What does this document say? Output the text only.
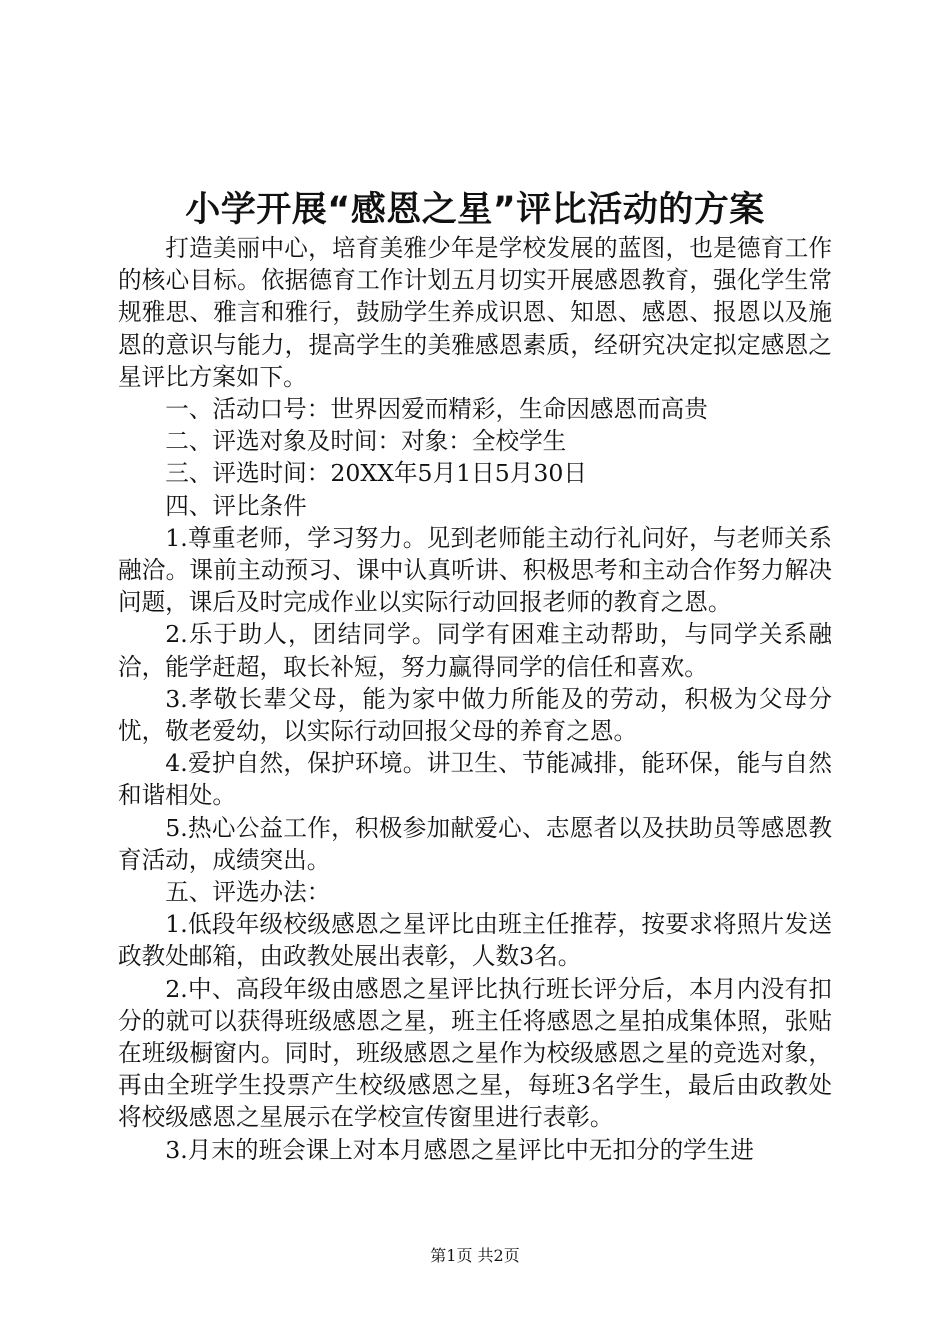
小学开展“感恩之星”评比活动的方案

打造美丽中心，培育美雅少年是学校发展的蓝图，也是德育工作的核心目标。依据德育工作计划五月切实开展感恩教育，强化学生常规雅思、雅言和雅行，鼓励学生养成识恩、知恩、感恩、报恩以及施恩的意识与能力，提高学生的美雅感恩素质，经研究决定拟定感恩之星评比方案如下。

一、活动口号：世界因爱而精彩，生命因感恩而高贵

二、评选对象及时间：对象：全校学生

三、评选时间：20XX年5月1日5月30日

四、评比条件

1.尊重老师，学习努力。见到老师能主动行礼问好，与老师关系融洽。课前主动预习、课中认真听讲、积极思考和主动合作努力解决问题，课后及时完成作业以实际行动回报老师的教育之恩。

2.乐于助人，团结同学。同学有困难主动帮助，与同学关系融洽，能学赶超，取长补短，努力赢得同学的信任和喜欢。

3.孝敬长辈父母，能为家中做力所能及的劳动，积极为父母分忧，敬老爱幼，以实际行动回报父母的养育之恩。

4.爱护自然，保护环境。讲卫生、节能减排，能环保，能与自然和谐相处。

5.热心公益工作，积极参加献爱心、志愿者以及扶助员等感恩教育活动，成绩突出。

五、评选办法：

1.低段年级校级感恩之星评比由班主任推荐，按要求将照片发送政教处邮箱，由政教处展出表彰，人数3名。

2.中、高段年级由感恩之星评比执行班长评分后，本月内没有扣分的就可以获得班级感恩之星，班主任将感恩之星拍成集体照，张贴在班级橱窗内。同时，班级感恩之星作为校级感恩之星的竞选对象，再由全班学生投票产生校级感恩之星，每班3名学生，最后由政教处将校级感恩之星展示在学校宣传窗里进行表彰。

3.月末的班会课上对本月感恩之星评比中无扣分的学生进

第1页 共2页
